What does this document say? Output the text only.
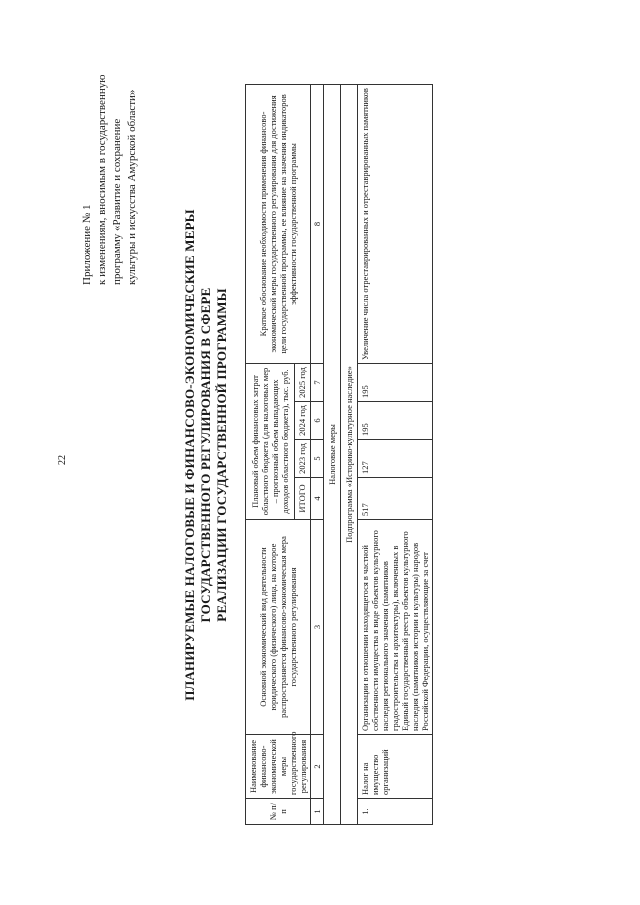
22
Приложение № 1 к изменениям, вносимым в государственную программу «Развитие и сохранение культуры и искусства Амурской области»
ПЛАНИРУЕМЫЕ НАЛОГОВЫЕ И ФИНАНСОВО-ЭКОНОМИЧЕСКИЕ МЕРЫ ГОСУДАРСТВЕННОГО РЕГУЛИРОВАНИЯ В СФЕРЕ РЕАЛИЗАЦИИ ГОСУДАРСТВЕННОЙ ПРОГРАММЫ
№ п/п	Наименование финансово-экономической меры государственного регулирования	Основной экономический вид деятельности юридического (физического) лица, на которое распространяется финансово-экономическая мера государственного регулирования	Плановый объем финансовых затрат областного бюджета (для налоговых мер – прогнозный объем выпадающих доходов областного бюджета), тыс. руб.				Краткое обоснование необходимости применения финансово-экономической меры государственного регулирования для достижения цели государственной программы, ее влияние на значения индикаторов эффективности государственной программы
			ИТОГО	2023 год	2024 год	2025 год	
1	2	3	4	5	6	7	8
Налоговые меры							
Подпрограмма «Историко-культурное наследие»							
1.	Налог на имущество организаций	Организации в отношении находящегося в частной собственности имущества в виде объектов культурного наследия регионального значения (памятников градостроительства и архитектуры), включенных в Единый государственный реестр объектов культурного наследия (памятников истории и культуры) народов Российской Федерации, осуществляющие за счет	517	127	195	195	Увеличение числа отреставрированных и отреставрированных памятников
